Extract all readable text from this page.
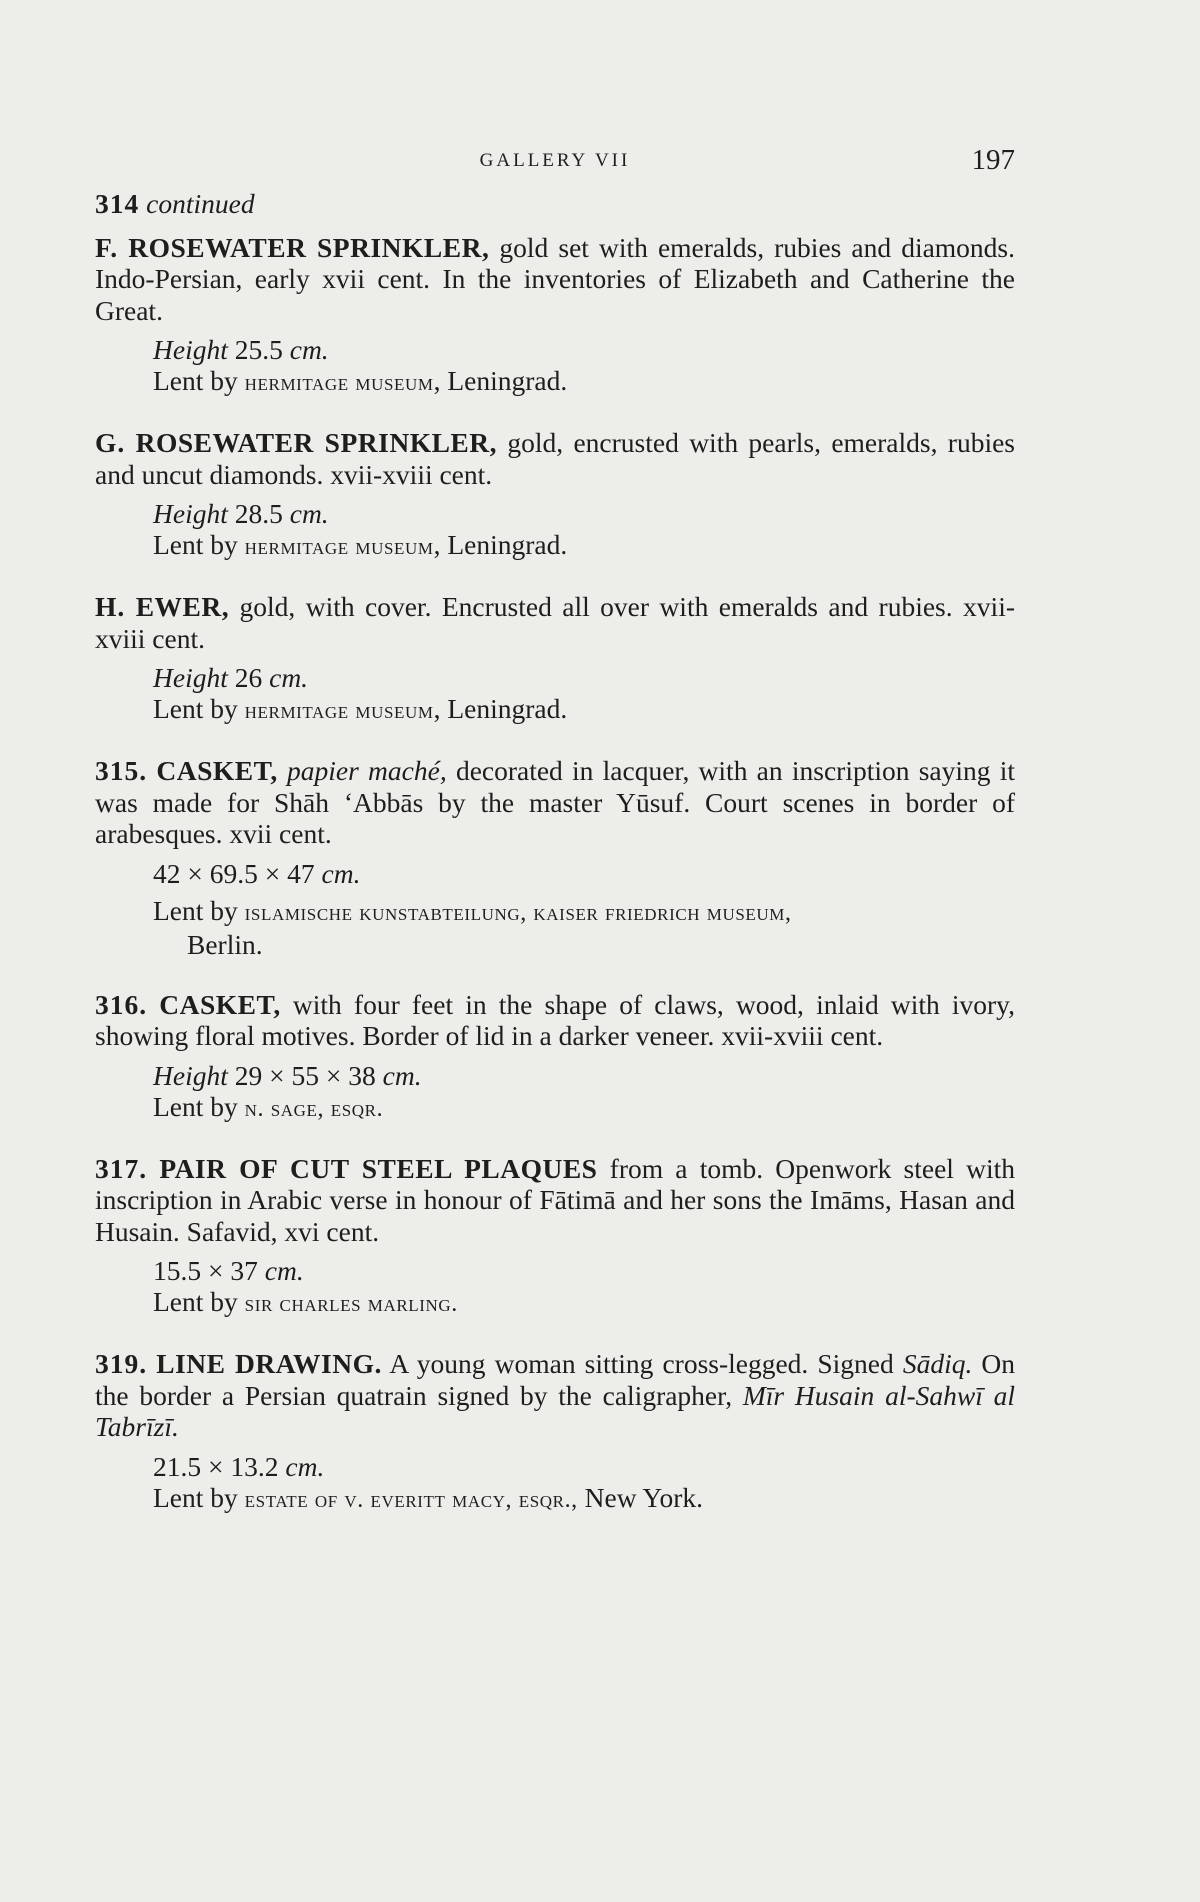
GALLERY VII	197
314 continued

F. ROSEWATER SPRINKLER, gold set with emeralds, rubies and diamonds. Indo-Persian, early xvii cent. In the inventories of Elizabeth and Catherine the Great.

Height 25.5 cm.
Lent by hermitage museum, Leningrad.

G. ROSEWATER SPRINKLER, gold, encrusted with pearls, emeralds, rubies and uncut diamonds. xvii-xviii cent.

Height 28.5 cm.
Lent by hermitage museum, Leningrad.

H. EWER, gold, with cover. Encrusted all over with emeralds and rubies. xvii-xviii cent.

Height 26 cm.
Lent by hermitage museum, Leningrad.

315. CASKET, papier maché, decorated in lacquer, with an inscription saying it was made for Shāh ‘Abbās by the master Yūsuf. Court scenes in border of arabesques. xvii cent.

42 × 69.5 × 47 cm.
Lent by islamische kunstabteilung, kaiser friedrich museum,
Berlin.

316. CASKET, with four feet in the shape of claws, wood, inlaid with ivory, showing floral motives. Border of lid in a darker veneer. xvii-xviii cent.

Height 29 × 55 × 38 cm.
Lent by n. sage, esqr.

317. PAIR OF CUT STEEL PLAQUES from a tomb. Openwork steel with inscription in Arabic verse in honour of Fātimā and her sons the Imāms, Hasan and Husain. Safavid, xvi cent.

15.5 × 37 cm.
Lent by sir charles marling.

319. LINE DRAWING. A young woman sitting cross-legged. Signed Sādiq. On the border a Persian quatrain signed by the caligrapher, Mīr Husain al-Sahwī al Tabrīzī.

21.5 × 13.2 cm.
Lent by estate of v. everitt macy, esqr., New York.
